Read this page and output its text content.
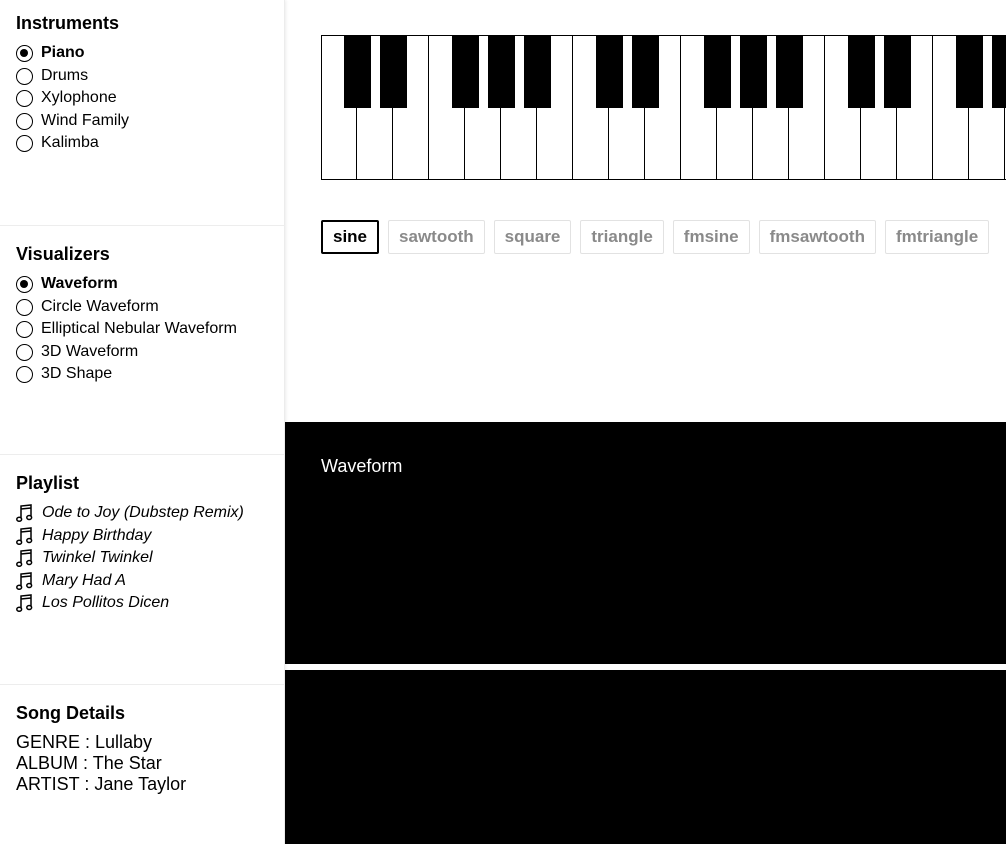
Instruments
Piano
Drums
Xylophone
Wind Family
Kalimba
Visualizers
Waveform
Circle Waveform
Elliptical Nebular Waveform
3D Waveform
3D Shape
Playlist
Ode to Joy (Dubstep Remix)
Happy Birthday
Twinkel Twinkel
Mary Had A
Los Pollitos Dicen
Song Details
GENRE : Lullaby
ALBUM : The Star
ARTIST : Jane Taylor
sine	sawtooth	square	triangle	fmsine	fmsawtooth	fmtriangle
Waveform
